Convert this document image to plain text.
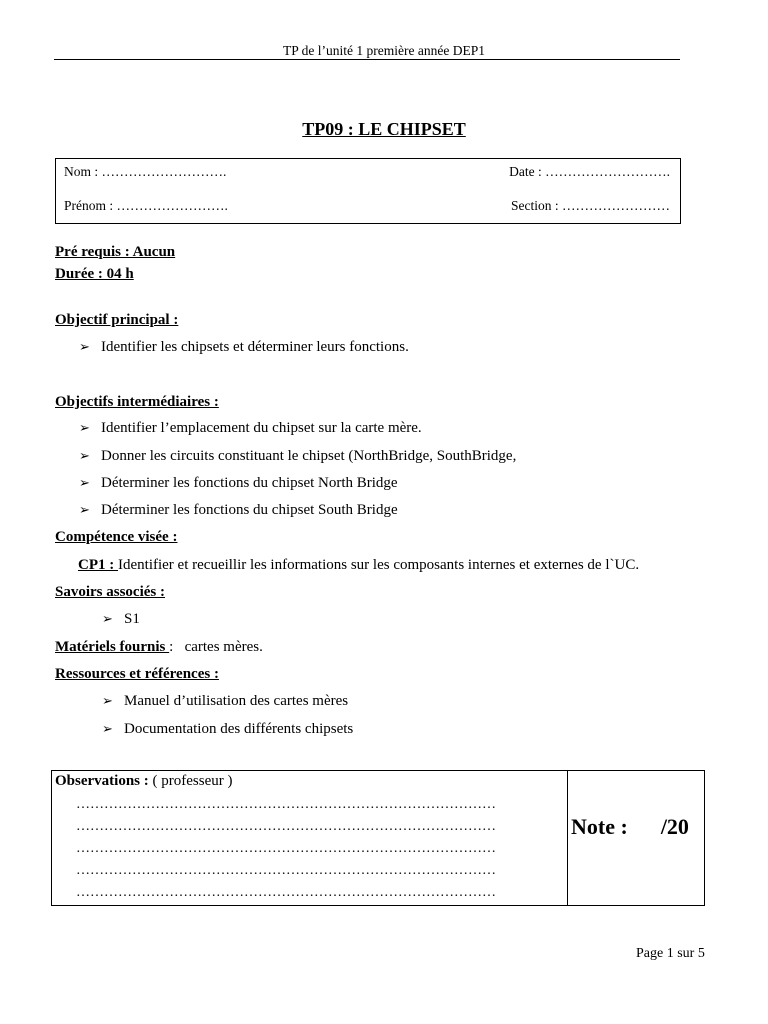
TP de l’unité 1 première année DEP1
TP09 : LE CHIPSET
Nom : ……………………….	Date : ……………………….
Prénom : …………………….	Section : ……………………
Pré requis : Aucun
Durée : 04 h
Objectif principal :
➢ Identifier les chipsets et déterminer leurs fonctions.
Objectifs intermédiaires :
➢ Identifier l’emplacement du chipset sur la carte mère.
➢ Donner les circuits constituant le chipset (NorthBridge, SouthBridge,
➢ Déterminer les fonctions du chipset North Bridge
➢ Déterminer les fonctions du chipset South Bridge
Compétence visée :
CP1 : Identifier et recueillir les informations sur les composants internes et externes de l`UC.
Savoirs associés :
➢ S1
Matériels fournis :   cartes mères.
Ressources et références :
➢ Manuel d’utilisation des cartes mères
➢ Documentation des différents chipsets
Observations : ( professeur )
………………………………………………………………………………
………………………………………………………………………………
………………………………………………………………………………
………………………………………………………………………………
………………………………………………………………………………
Note : /20
Page 1 sur 5
